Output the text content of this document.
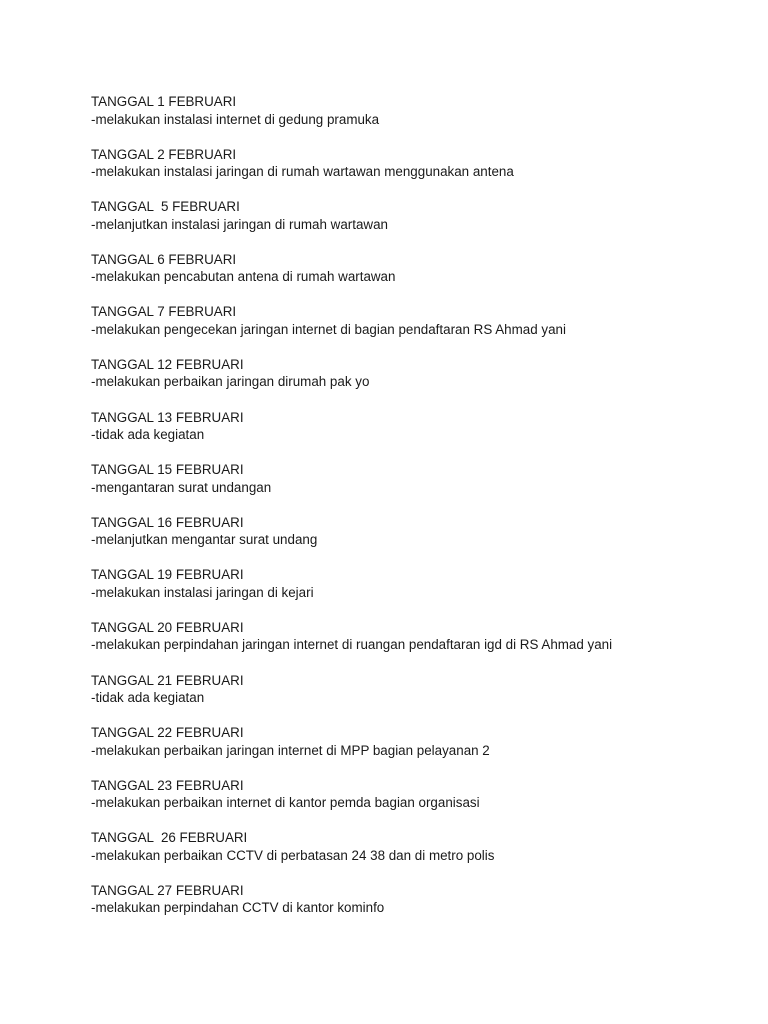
TANGGAL 1 FEBRUARI
-melakukan instalasi internet di gedung pramuka
TANGGAL 2 FEBRUARI
-melakukan instalasi jaringan di rumah wartawan menggunakan antena
TANGGAL  5 FEBRUARI
-melanjutkan instalasi jaringan di rumah wartawan
TANGGAL 6 FEBRUARI
-melakukan pencabutan antena di rumah wartawan
TANGGAL 7 FEBRUARI
-melakukan pengecekan jaringan internet di bagian pendaftaran RS Ahmad yani
TANGGAL 12 FEBRUARI
-melakukan perbaikan jaringan dirumah pak yo
TANGGAL 13 FEBRUARI
-tidak ada kegiatan
TANGGAL 15 FEBRUARI
-mengantaran surat undangan
TANGGAL 16 FEBRUARI
-melanjutkan mengantar surat undang
TANGGAL 19 FEBRUARI
-melakukan instalasi jaringan di kejari
TANGGAL 20 FEBRUARI
-melakukan perpindahan jaringan internet di ruangan pendaftaran igd di RS Ahmad yani
TANGGAL 21 FEBRUARI
-tidak ada kegiatan
TANGGAL 22 FEBRUARI
-melakukan perbaikan jaringan internet di MPP bagian pelayanan 2
TANGGAL 23 FEBRUARI
-melakukan perbaikan internet di kantor pemda bagian organisasi
TANGGAL  26 FEBRUARI
-melakukan perbaikan CCTV di perbatasan 24 38 dan di metro polis
TANGGAL 27 FEBRUARI
-melakukan perpindahan CCTV di kantor kominfo
